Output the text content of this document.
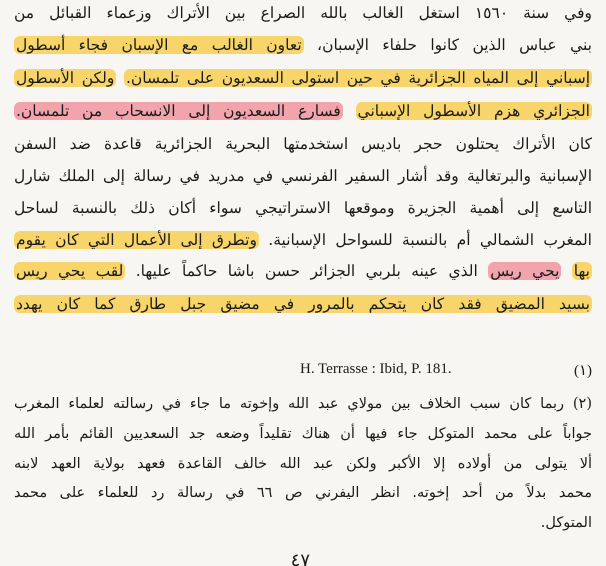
وفي سنة ١٥٦٠ استغل الغالب بالله الصراع بين الأتراك وزعماء القبائل من
بني عباس الذين كانوا حلفاء الإسبان، تعاون الغالب مع الإسبان فجاء أسطول
إسباني إلى المياه الجزائرية في حين استولى السعديون على تلمسان. ولكن الأسطول
الجزائري هزم الأسطول الإسباني فسارع السعديون إلى الانسحاب من تلمسان.
كان الأتراك يحتلون حجر باديس استخدمتها البحرية الجزائرية قاعدة ضد السفن
الإسبانية والبرتغالية وقد أشار السفير الفرنسي في مدريد في رسالة إلى الملك شارل
التاسع إلى أهمية الجزيرة وموقعها الاستراتيجي سواء أكان ذلك بالنسبة لساحل
المغرب الشمالي أم بالنسبة للسواحل الإسبانية. وتطرق إلى الأعمال التي كان يقوم
بها يحي ريس الذي عينه بلربي الجزائر حسن باشا حاكماً عليها. لقب يحي ريس
بسيد المضيق فقد كان يتحكم بالمرور في مضيق جبل طارق كما كان يهدد
H. Terrasse : Ibid, P. 181.	(١)
(٢) ربما كان سبب الخلاف بين مولاي عبد الله وإخوته ما جاء في رسالته لعلماء المغرب
جواباً على محمد المتوكل جاء فيها أن هناك تقليداً وضعه جد السعديين القائم بأمر الله
ألا يتولى من أولاده إلا الأكبر ولكن عبد الله خالف القاعدة فعهد بولاية العهد لابنه
محمد بدلاً من أحد إخوته. انظر اليفرني ص ٦٦ في رسالة رد للعلماء على محمد
المتوكل.
٤٧
